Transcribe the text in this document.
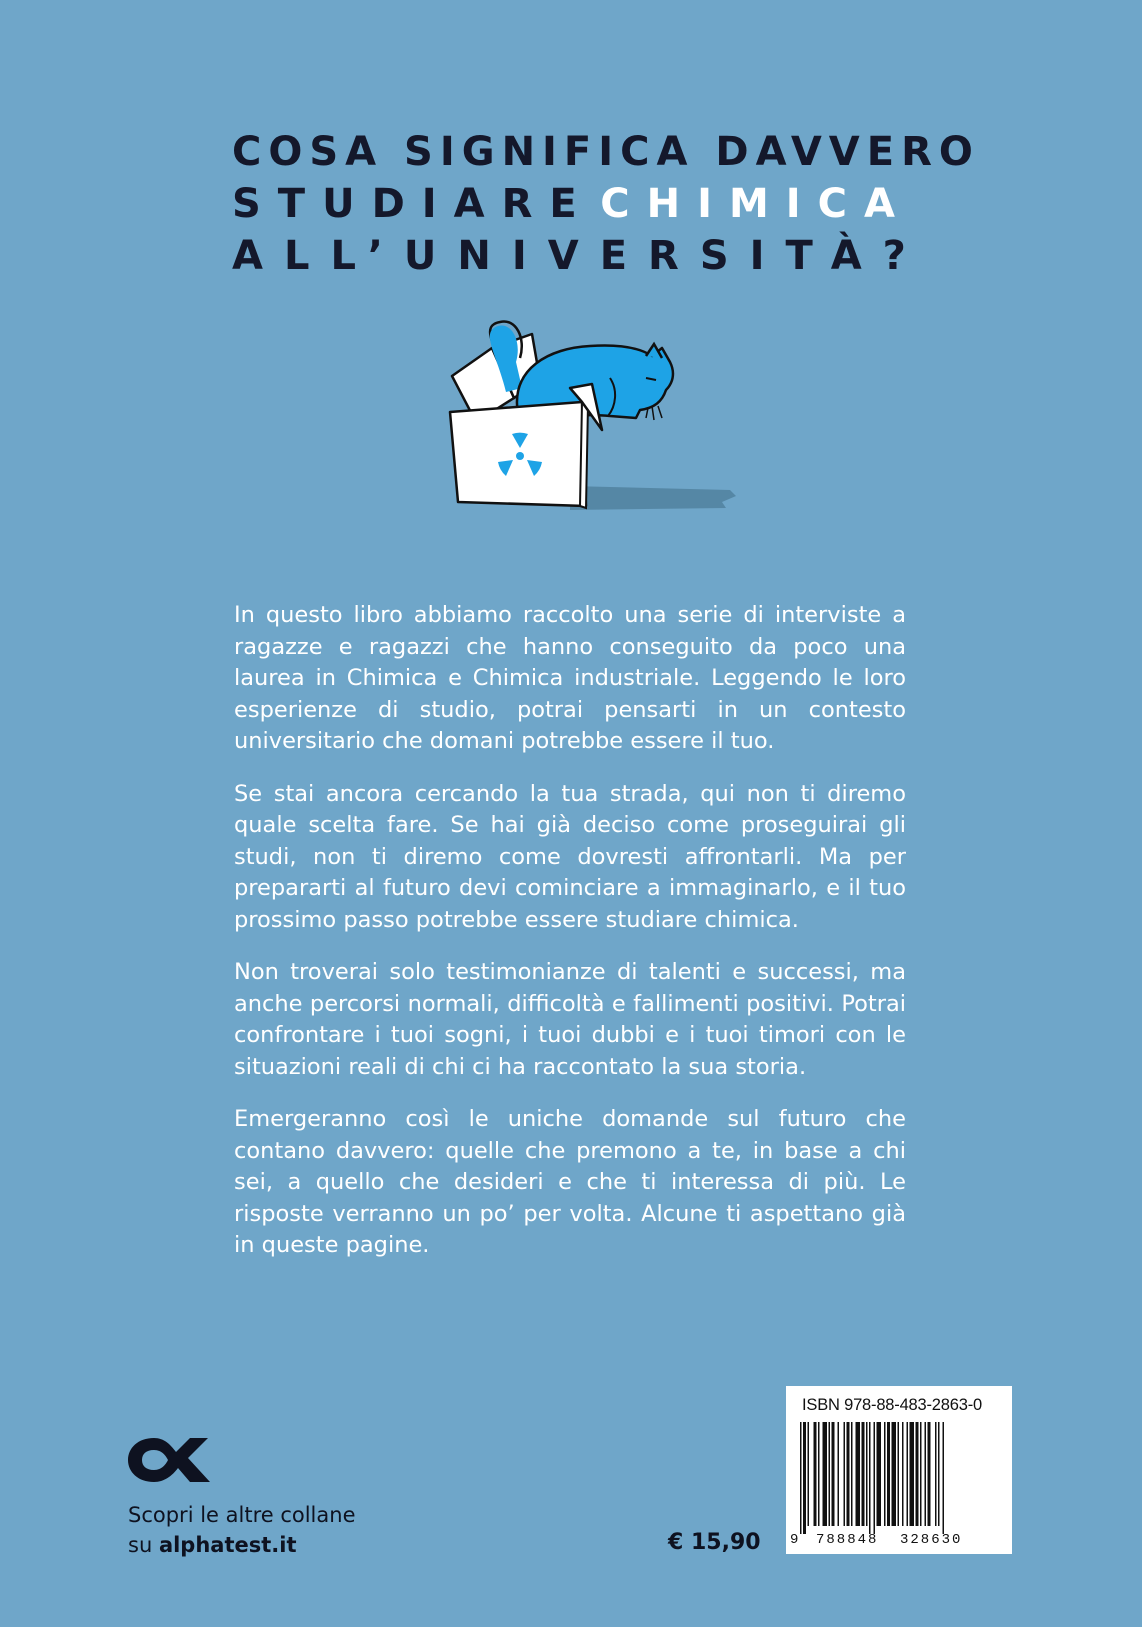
COSA SIGNIFICA DAVVERO
STUDIARE CHIMICA
ALL’UNIVERSITÀ?

In questo libro abbiamo raccolto una serie di interviste a ragazze e ragazzi che hanno conseguito da poco una laurea in Chimica e Chimica industriale. Leggendo le loro esperienze di studio, potrai pensarti in un contesto universitario che domani potrebbe essere il tuo.

Se stai ancora cercando la tua strada, qui non ti diremo quale scelta fare. Se hai già deciso come proseguirai gli studi, non ti diremo come dovresti affrontarli. Ma per prepararti al futuro devi cominciare a immaginarlo, e il tuo prossimo passo potrebbe essere studiare chimica.

Non troverai solo testimonianze di talenti e successi, ma anche percorsi normali, difficoltà e fallimenti positivi. Potrai confrontare i tuoi sogni, i tuoi dubbi e i tuoi timori con le situazioni reali di chi ci ha raccontato la sua storia.

Emergeranno così le uniche domande sul futuro che contano davvero: quelle che premono a te, in base a chi sei, a quello che desideri e che ti interessa di più. Le risposte verranno un po’ per volta. Alcune ti aspettano già in queste pagine.

Scopri le altre collane
su alphatest.it	€ 15,90
ISBN 978-88-483-2863-0
9 788848 328630
